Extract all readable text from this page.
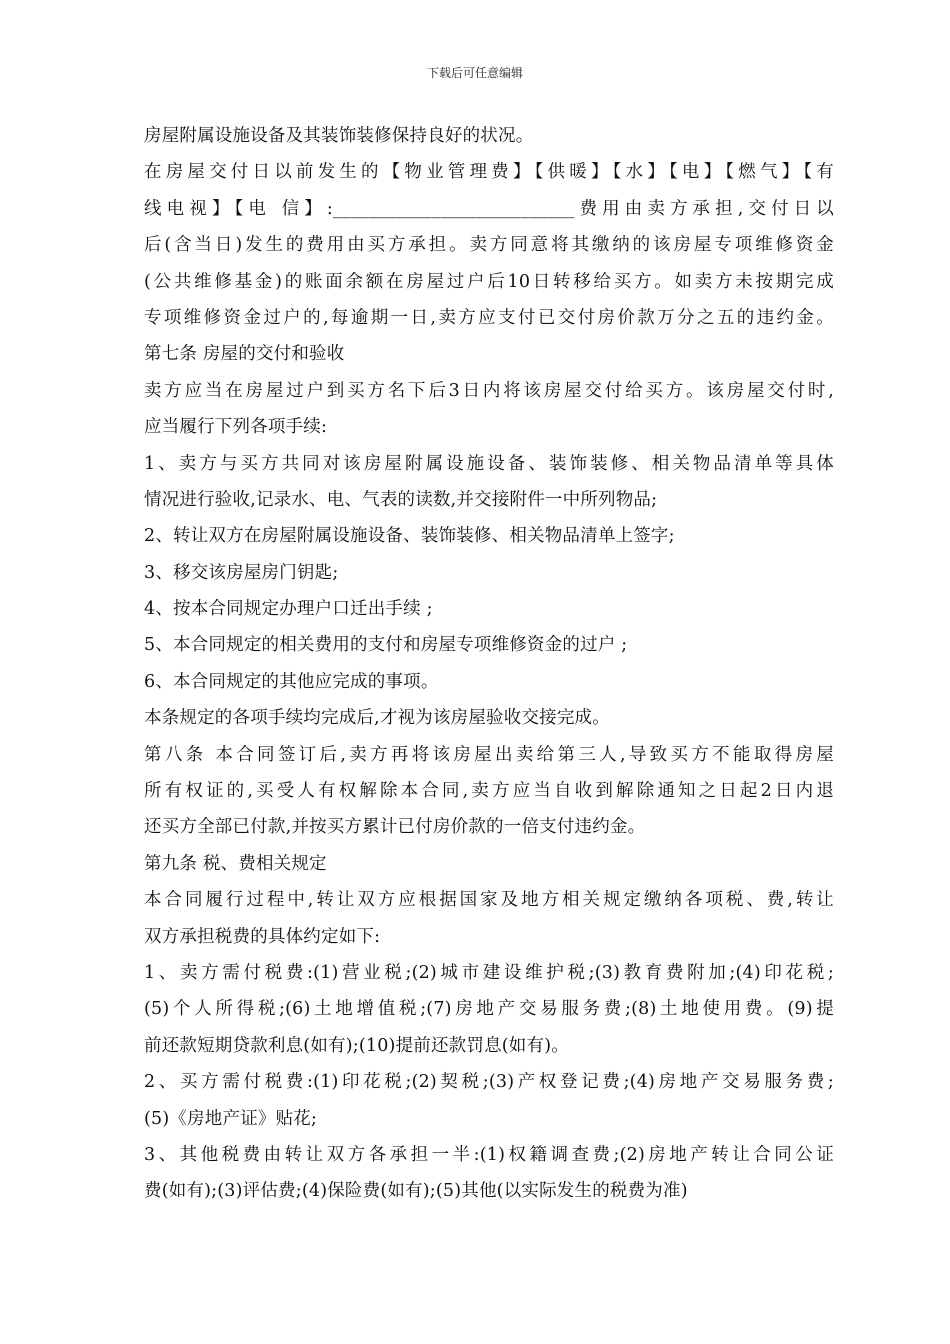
下载后可任意编辑
房屋附属设施设备及其装饰装修保持良好的状况。
在房屋交付日以前发生的【物业管理费】【供暖】【水】【电】【燃气】【有
线电视】【电 信】:___________________________费用由卖方承担,交付日以
后(含当日)发生的费用由买方承担。卖方同意将其缴纳的该房屋专项维修资金
(公共维修基金)的账面余额在房屋过户后10日转移给买方。如卖方未按期完成
专项维修资金过户的,每逾期一日,卖方应支付已交付房价款万分之五的违约金。
第七条 房屋的交付和验收
卖方应当在房屋过户到买方名下后3日内将该房屋交付给买方。该房屋交付时,
应当履行下列各项手续:
1、卖方与买方共同对该房屋附属设施设备、装饰装修、相关物品清单等具体
情况进行验收,记录水、电、气表的读数,并交接附件一中所列物品;
2、转让双方在房屋附属设施设备、装饰装修、相关物品清单上签字;
3、移交该房屋房门钥匙;
4、按本合同规定办理户口迁出手续 ;
5、本合同规定的相关费用的支付和房屋专项维修资金的过户 ;
6、本合同规定的其他应完成的事项。
本条规定的各项手续均完成后,才视为该房屋验收交接完成。
第八条 本合同签订后,卖方再将该房屋出卖给第三人,导致买方不能取得房屋
所有权证的,买受人有权解除本合同,卖方应当自收到解除通知之日起2日内退
还买方全部已付款,并按买方累计已付房价款的一倍支付违约金。
第九条 税、费相关规定
本合同履行过程中,转让双方应根据国家及地方相关规定缴纳各项税、费,转让
双方承担税费的具体约定如下:
1、卖方需付税费:(1)营业税;(2)城市建设维护税;(3)教育费附加;(4)印花税;
(5)个人所得税;(6)土地增值税;(7)房地产交易服务费;(8)土地使用费。(9)提
前还款短期贷款利息(如有);(10)提前还款罚息(如有)。
2、买方需付税费:(1)印花税;(2)契税;(3)产权登记费;(4)房地产交易服务费;
(5)《房地产证》贴花;
3、其他税费由转让双方各承担一半:(1)权籍调查费;(2)房地产转让合同公证
费(如有);(3)评估费;(4)保险费(如有);(5)其他(以实际发生的税费为准)
